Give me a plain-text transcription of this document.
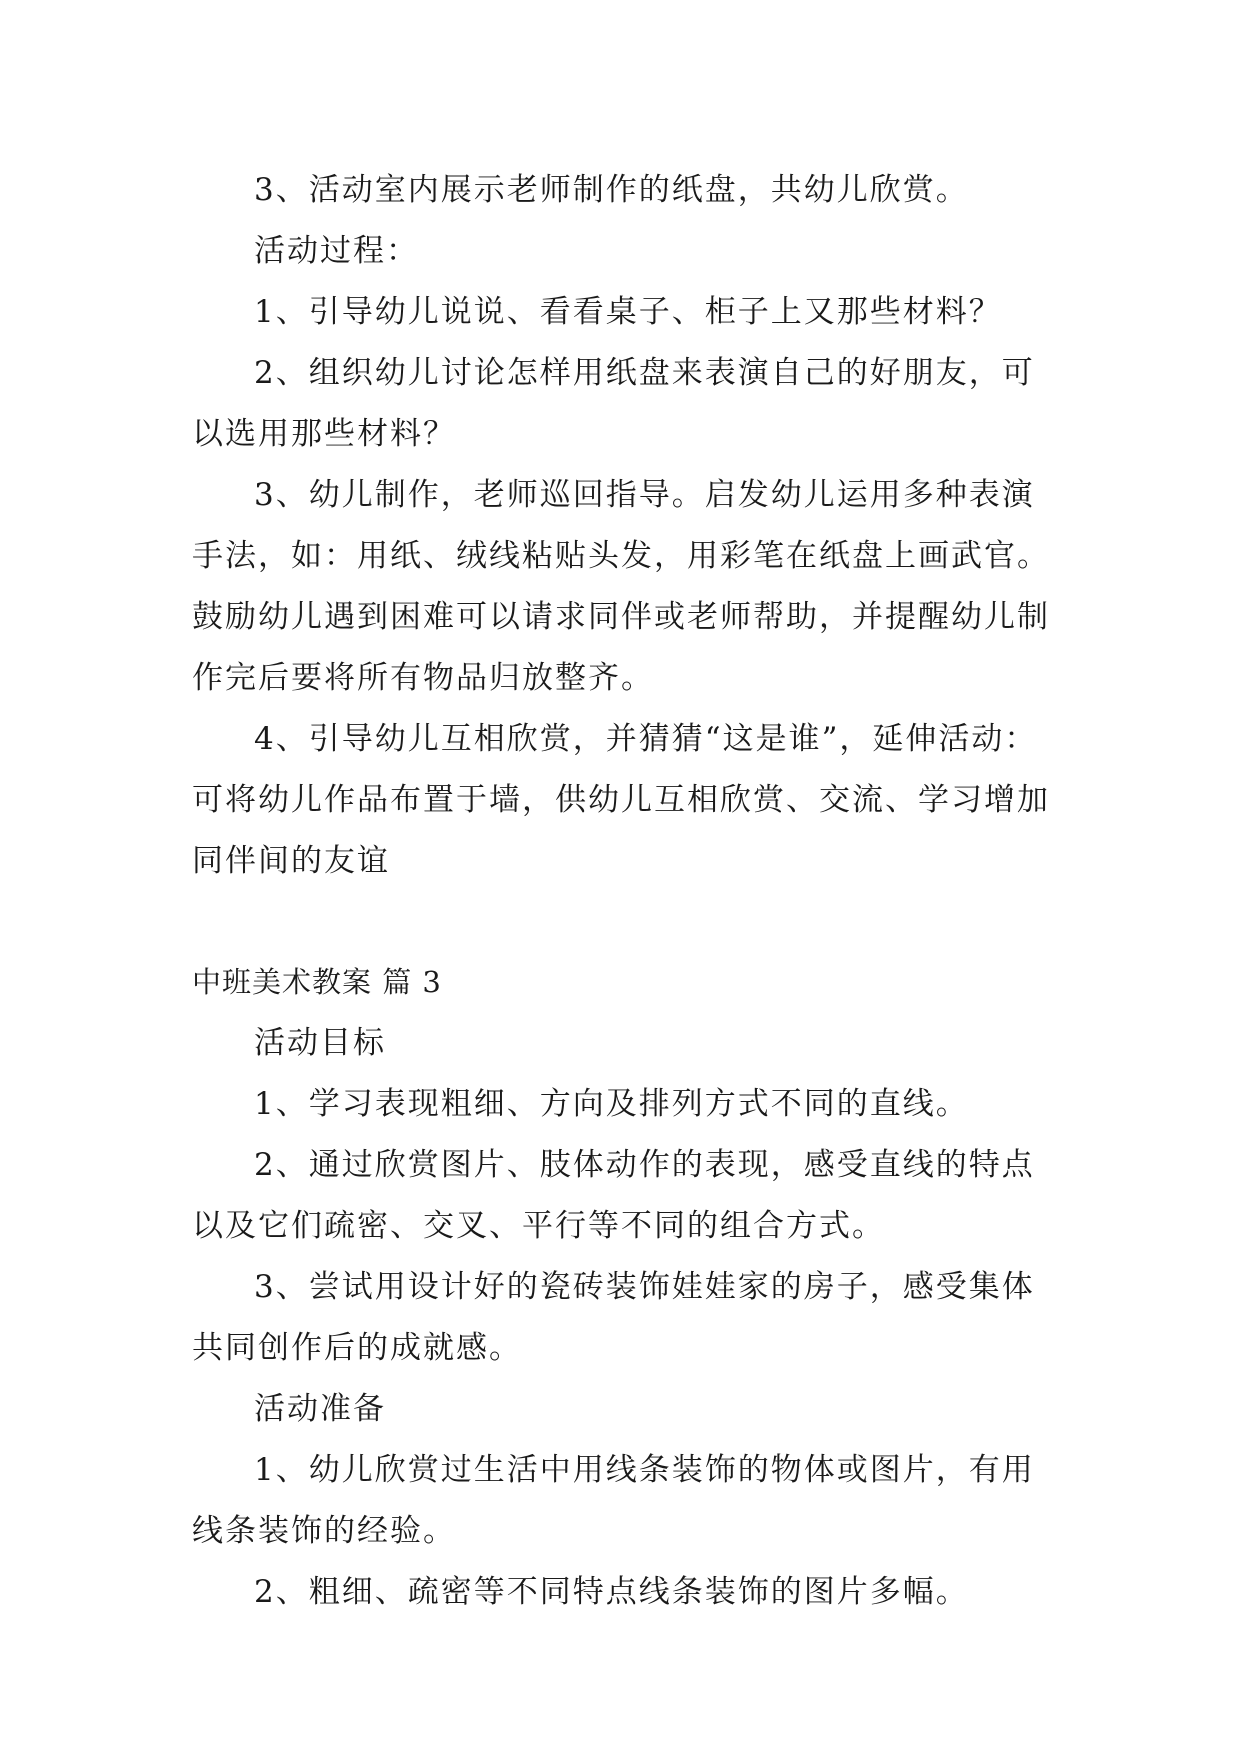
3、活动室内展示老师制作的纸盘，共幼儿欣赏。
活动过程：
1、引导幼儿说说、看看桌子、柜子上又那些材料？
2、组织幼儿讨论怎样用纸盘来表演自己的好朋友，可
以选用那些材料？
3、幼儿制作，老师巡回指导。启发幼儿运用多种表演
手法，如：用纸、绒线粘贴头发，用彩笔在纸盘上画武官。
鼓励幼儿遇到困难可以请求同伴或老师帮助，并提醒幼儿制
作完后要将所有物品归放整齐。
4、引导幼儿互相欣赏，并猜猜“这是谁”，延伸活动：
可将幼儿作品布置于墙，供幼儿互相欣赏、交流、学习增加
同伴间的友谊
中班美术教案 篇 3
活动目标
1、学习表现粗细、方向及排列方式不同的直线。
2、通过欣赏图片、肢体动作的表现，感受直线的特点
以及它们疏密、交叉、平行等不同的组合方式。
3、尝试用设计好的瓷砖装饰娃娃家的房子，感受集体
共同创作后的成就感。
活动准备
1、幼儿欣赏过生活中用线条装饰的物体或图片，有用
线条装饰的经验。
2、粗细、疏密等不同特点线条装饰的图片多幅。
